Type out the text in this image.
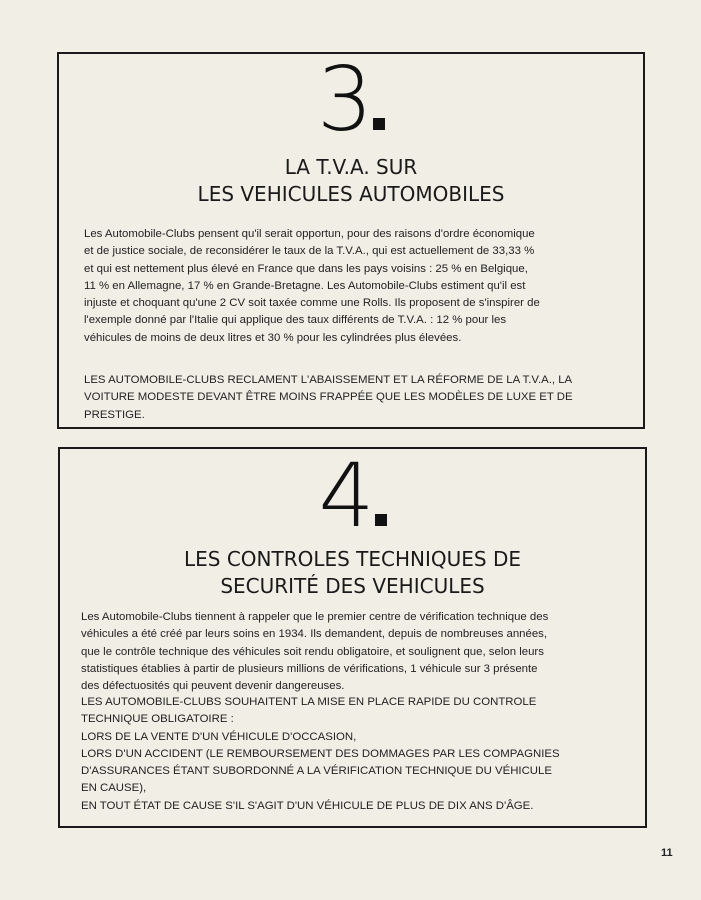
3
LA T.V.A. SUR
LES VEHICULES AUTOMOBILES

Les Automobile-Clubs pensent qu'il serait opportun, pour des raisons d'ordre économique
et de justice sociale, de reconsidérer le taux de la T.V.A., qui est actuellement de 33,33 %
et qui est nettement plus élevé en France que dans les pays voisins : 25 % en Belgique,
11 % en Allemagne, 17 % en Grande-Bretagne. Les Automobile-Clubs estiment qu'il est
injuste et choquant qu'une 2 CV soit taxée comme une Rolls. Ils proposent de s'inspirer de
l'exemple donné par l'Italie qui applique des taux différents de T.V.A. : 12 % pour les
véhicules de moins de deux litres et 30 % pour les cylindrées plus élevées.

LES AUTOMOBILE-CLUBS RECLAMENT L'ABAISSEMENT ET LA RÉFORME DE LA T.V.A., LA
VOITURE MODESTE DEVANT ÊTRE MOINS FRAPPÉE QUE LES MODÈLES DE LUXE ET DE
PRESTIGE.

4
LES CONTROLES TECHNIQUES DE
SECURITÉ DES VEHICULES

Les Automobile-Clubs tiennent à rappeler que le premier centre de vérification technique des
véhicules a été créé par leurs soins en 1934. Ils demandent, depuis de nombreuses années,
que le contrôle technique des véhicules soit rendu obligatoire, et soulignent que, selon leurs
statistiques établies à partir de plusieurs millions de vérifications, 1 véhicule sur 3 présente
des défectuosités qui peuvent devenir dangereuses.

LES AUTOMOBILE-CLUBS SOUHAITENT LA MISE EN PLACE RAPIDE DU CONTROLE
TECHNIQUE OBLIGATOIRE :
LORS DE LA VENTE D'UN VÉHICULE D'OCCASION,
LORS D'UN ACCIDENT (LE REMBOURSEMENT DES DOMMAGES PAR LES COMPAGNIES
D'ASSURANCES ÉTANT SUBORDONNÉ A LA VÉRIFICATION TECHNIQUE DU VÉHICULE
EN CAUSE),
EN TOUT ÉTAT DE CAUSE S'IL S'AGIT D'UN VÉHICULE DE PLUS DE DIX ANS D'ÂGE.

11
